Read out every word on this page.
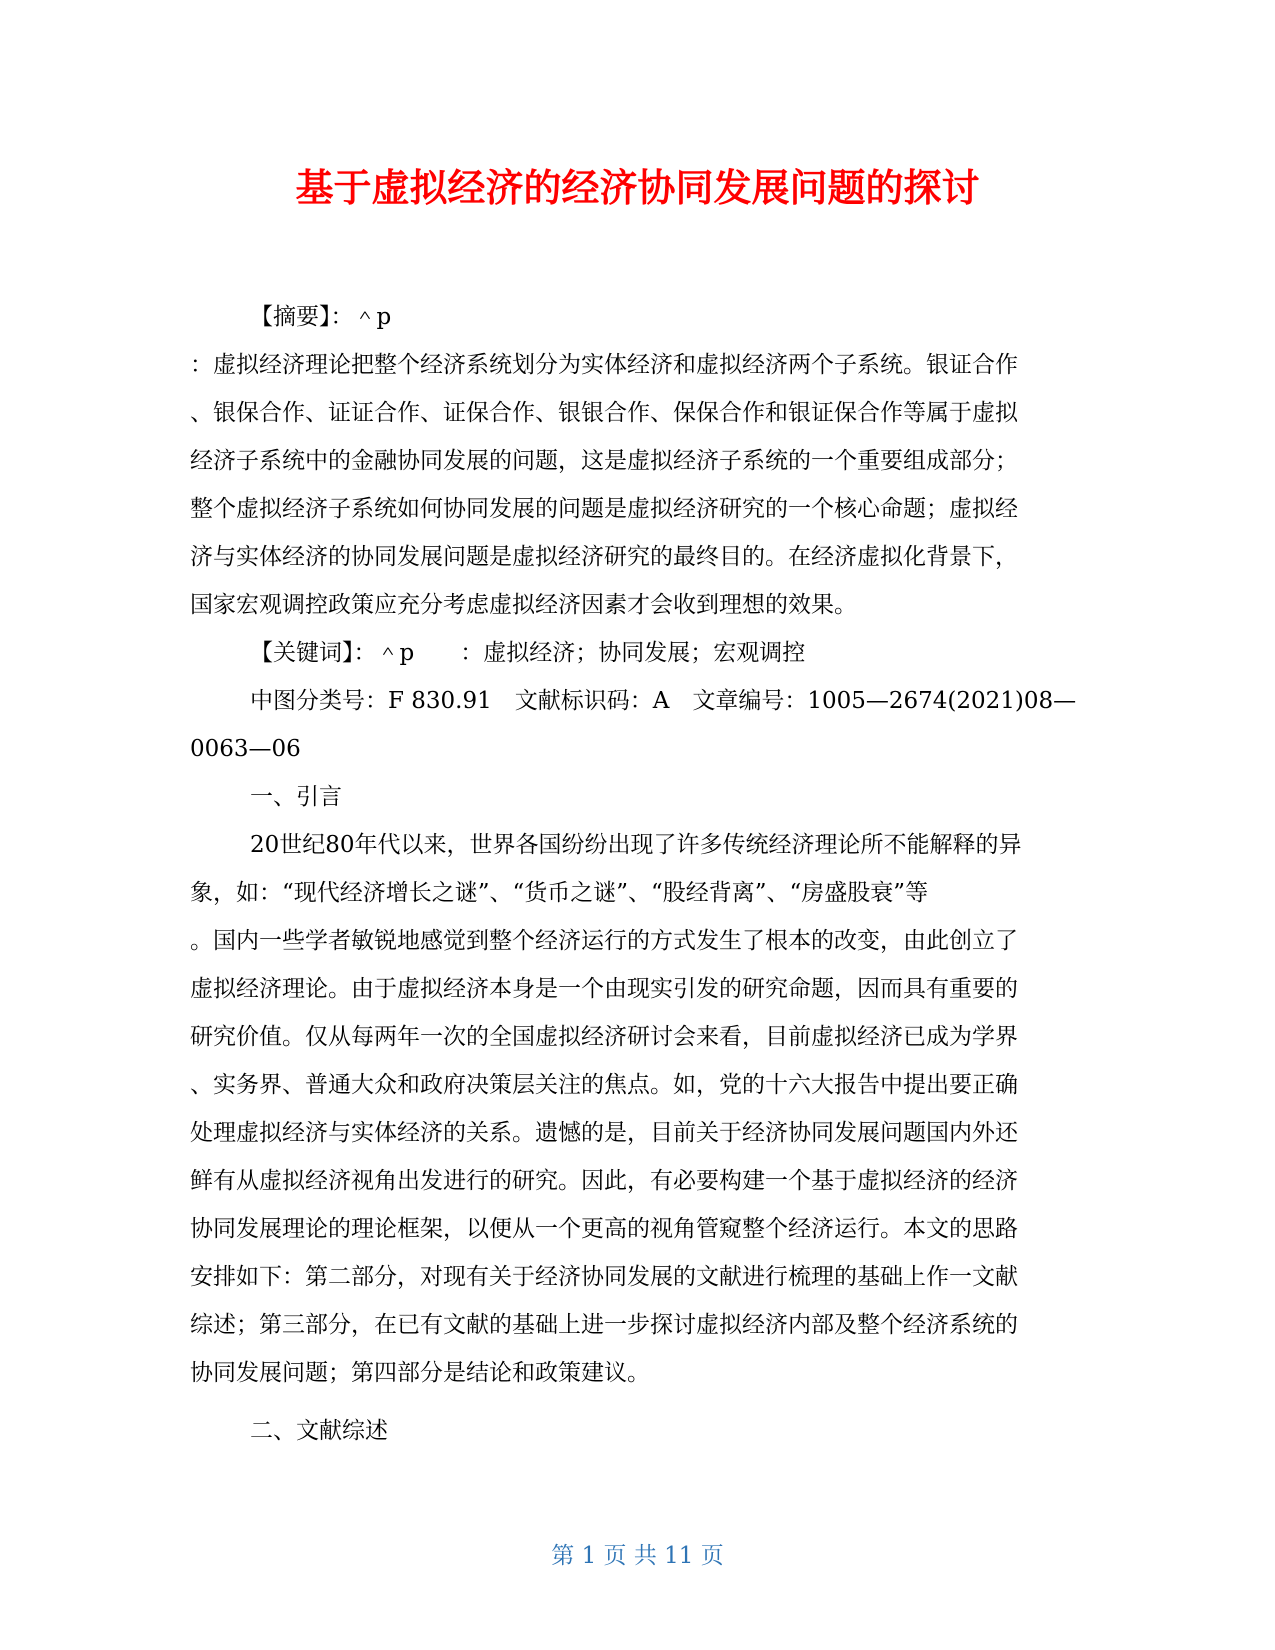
基于虚拟经济的经济协同发展问题的探讨
【摘要】：＾p
：虚拟经济理论把整个经济系统划分为实体经济和虚拟经济两个子系统。银证合作
、银保合作、证证合作、证保合作、银银合作、保保合作和银证保合作等属于虚拟
经济子系统中的金融协同发展的问题，这是虚拟经济子系统的一个重要组成部分；
整个虚拟经济子系统如何协同发展的问题是虚拟经济研究的一个核心命题；虚拟经
济与实体经济的协同发展问题是虚拟经济研究的最终目的。在经济虚拟化背景下，
国家宏观调控政策应充分考虑虚拟经济因素才会收到理想的效果。
【关键词】：＾p　　：虚拟经济；协同发展；宏观调控
中图分类号：F 830.91　文献标识码：A　文章编号：1005—2674(2021)08—
0063—06
一、引言
20世纪80年代以来，世界各国纷纷出现了许多传统经济理论所不能解释的异
象，如：“现代经济增长之谜”、“货币之谜”、“股经背离”、“房盛股衰”等
。国内一些学者敏锐地感觉到整个经济运行的方式发生了根本的改变，由此创立了
虚拟经济理论。由于虚拟经济本身是一个由现实引发的研究命题，因而具有重要的
研究价值。仅从每两年一次的全国虚拟经济研讨会来看，目前虚拟经济已成为学界
、实务界、普通大众和政府决策层关注的焦点。如，党的十六大报告中提出要正确
处理虚拟经济与实体经济的关系。遗憾的是，目前关于经济协同发展问题国内外还
鲜有从虚拟经济视角出发进行的研究。因此，有必要构建一个基于虚拟经济的经济
协同发展理论的理论框架，以便从一个更高的视角管窥整个经济运行。本文的思路
安排如下：第二部分，对现有关于经济协同发展的文献进行梳理的基础上作一文献
综述；第三部分，在已有文献的基础上进一步探讨虚拟经济内部及整个经济系统的
协同发展问题；第四部分是结论和政策建议。
二、文献综述
第 1 页 共 11 页
